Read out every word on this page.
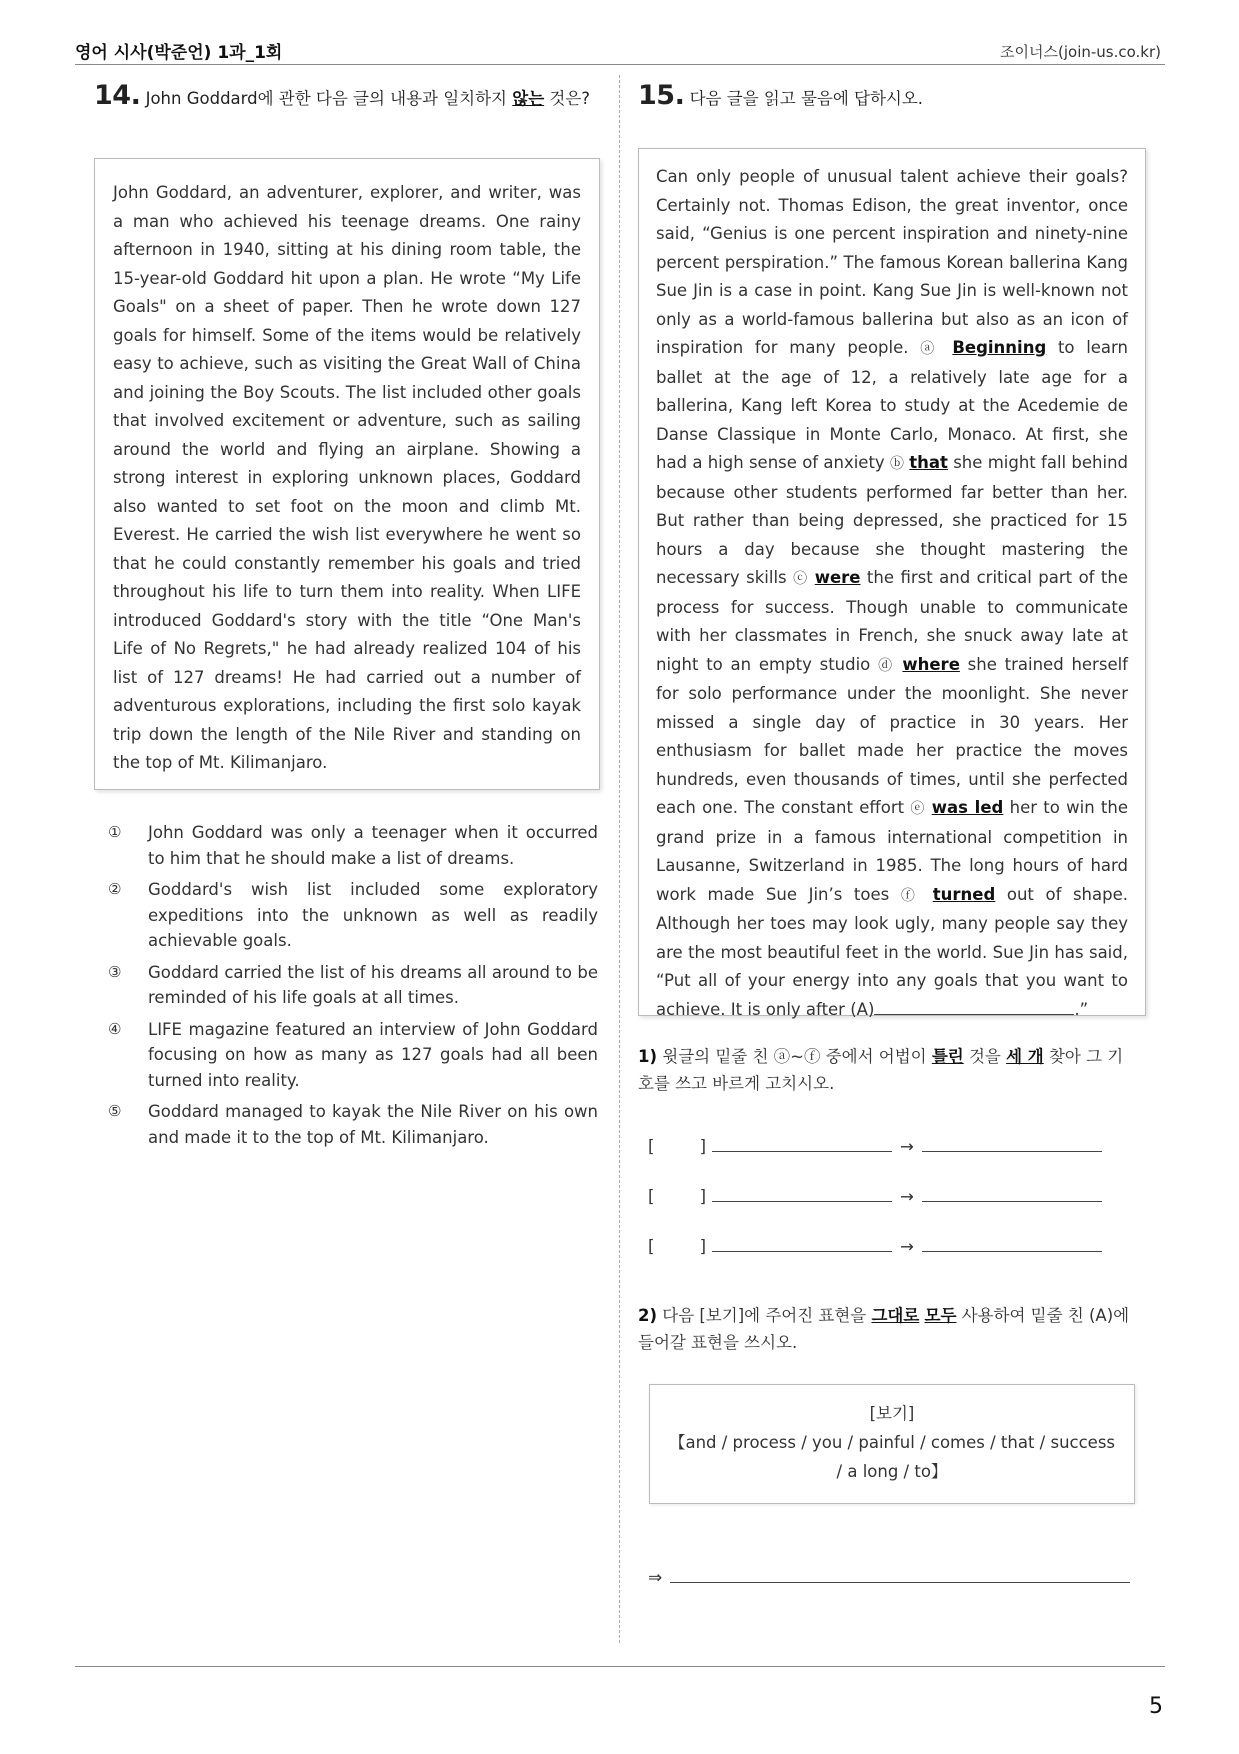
영어 시사(박준언) 1과_1회	조이너스(join-us.co.kr)
14. John Goddard에 관한 다음 글의 내용과 일치하지 않는 것은?
John Goddard, an adventurer, explorer, and writer, was a man who achieved his teenage dreams. One rainy afternoon in 1940, sitting at his dining room table, the 15-year-old Goddard hit upon a plan. He wrote “My Life Goals" on a sheet of paper. Then he wrote down 127 goals for himself. Some of the items would be relatively easy to achieve, such as visiting the Great Wall of China and joining the Boy Scouts. The list included other goals that involved excitement or adventure, such as sailing around the world and flying an airplane. Showing a strong interest in exploring unknown places, Goddard also wanted to set foot on the moon and climb Mt. Everest. He carried the wish list everywhere he went so that he could constantly remember his goals and tried throughout his life to turn them into reality. When LIFE introduced Goddard's story with the title “One Man's Life of No Regrets," he had already realized 104 of his list of 127 dreams! He had carried out a number of adventurous explorations, including the first solo kayak trip down the length of the Nile River and standing on the top of Mt. Kilimanjaro.
①	John Goddard was only a teenager when it occurred to him that he should make a list of dreams.
②	Goddard's wish list included some exploratory expeditions into the unknown as well as readily achievable goals.
③	Goddard carried the list of his dreams all around to be reminded of his life goals at all times.
④	LIFE magazine featured an interview of John Goddard focusing on how as many as 127 goals had all been turned into reality.
⑤	Goddard managed to kayak the Nile River on his own and made it to the top of Mt. Kilimanjaro.
15. 다음 글을 읽고 물음에 답하시오.
Can only people of unusual talent achieve their goals? Certainly not. Thomas Edison, the great inventor, once said, “Genius is one percent inspiration and ninety-nine percent perspiration.” The famous Korean ballerina Kang Sue Jin is a case in point. Kang Sue Jin is well-known not only as a world-famous ballerina but also as an icon of inspiration for many people. ⓐ Beginning to learn ballet at the age of 12, a relatively late age for a ballerina, Kang left Korea to study at the Acedemie de Danse Classique in Monte Carlo, Monaco. At first, she had a high sense of anxiety ⓑ that she might fall behind because other students performed far better than her. But rather than being depressed, she practiced for 15 hours a day because she thought mastering the necessary skills ⓒ were the first and critical part of the process for success. Though unable to communicate with her classmates in French, she snuck away late at night to an empty studio ⓓ where she trained herself for solo performance under the moonlight. She never missed a single day of practice in 30 years. Her enthusiasm for ballet made her practice the moves hundreds, even thousands of times, until she perfected each one. The constant effort ⓔ was led her to win the grand prize in a famous international competition in Lausanne, Switzerland in 1985. The long hours of hard work made Sue Jin’s toes ⓕ turned out of shape. Although her toes may look ugly, many people say they are the most beautiful feet in the world. Sue Jin has said, “Put all of your energy into any goals that you want to achieve. It is only after (A)	.”
1) 윗글의 밑줄 친 ⓐ~ⓕ 중에서 어법이 틀린 것을 세 개 찾아 그 기호를 쓰고 바르게 고치시오.
[	]	→
[	]	→
[	]	→
2) 다음 [보기]에 주어진 표현을 그대로 모두 사용하여 밑줄 친 (A)에 들어갈 표현을 쓰시오.
[보기]
【and / process / you / painful / comes / that / success
/ a long / to】
⇒
5
